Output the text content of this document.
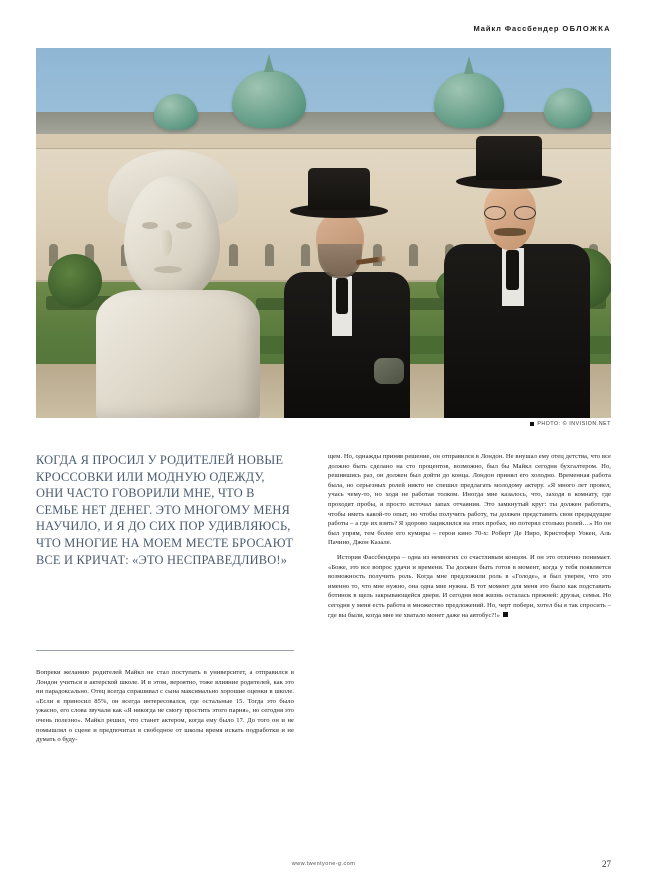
Майкл Фассбендер ОБЛОЖКА
PHOTO: © INVISION.NET
КОГДА Я ПРОСИЛ У РОДИТЕЛЕЙ НОВЫЕ КРОССОВКИ ИЛИ МОДНУЮ ОДЕЖДУ, ОНИ ЧАСТО ГОВОРИЛИ МНЕ, ЧТО В СЕМЬЕ НЕТ ДЕНЕГ. ЭТО МНОГОМУ МЕНЯ НАУЧИЛО, И Я ДО СИХ ПОР УДИВЛЯЮСЬ, ЧТО МНОГИЕ НА МОЕМ МЕСТЕ БРОСАЮТ ВСЕ И КРИЧАТ: «ЭТО НЕСПРАВЕДЛИВО!»

Вопреки желанию родителей Майкл не стал поступать в университет, а отправился в Лондон учиться в актерской школе. И в этом, вероятно, тоже влияние родителей, как это ни парадоксально. Отец всегда спрашивал с сына максимально хорошие оценки в школе. «Если я приносил 85%, он всегда интересовался, где остальные 15. Тогда это было ужасно, его слова звучали как «Я никогда не смогу простить этого парня», но сегодня это очень полезно». Майкл решил, что станет актером, когда ему было 17. До того он и не помышлял о сцене и предпочитал в свободное от школы время искать подработки и не думать о буду-

щем. Но, однажды приняв решение, он отправился в Лондон. Не внушал ему отец детства, что все должно быть сделано на сто процентов, возможно, был бы Майкл сегодня бухгалтером. Но, решившись раз, он должен был дойти до конца. Лондон принял его холодно. Временная работа была, но серьезных ролей никто не спешил предлагать молодому актеру. «Я много лет провел, учась чему-то, но ходя не работая толком. Иногда мне казалось, что, заходя в комнату, где проходят пробы, я просто источал запах отчаяния. Это замкнутый круг: ты должен работать, чтобы иметь какой-то опыт, но чтобы получить работу, ты должен представить свои предыдущие работы – а где их взять? Я здорово зациклился на этих пробах, но потерял столько ролей…» Но он был упрям, тем более его кумиры – герои кино 70-х: Роберт Де Ниро, Кристофер Уокен, Аль Пачино, Джон Казале.

История Фассбендера – одна из немногих со счастливым концом. И он это отлично понимает. «Боже, это все вопрос удачи и времени. Ты должен быть готов в момент, когда у тебя появляется возможность получить роль. Когда мне предложили роль в «Голоде», я был уверен, что это именно то, что мне нужно, она одна мне нужна. В тот момент для меня это было как подставить ботинок в щель закрывающейся двери. И сегодня моя жизнь осталась прежней: друзья, семья. Но сегодня у меня есть работа и множество предложений. Но, черт побери, хотел бы я так спросить – где вы были, когда мне не хватало монет даже на автобус?!»

www.twentyone-g.com	27
